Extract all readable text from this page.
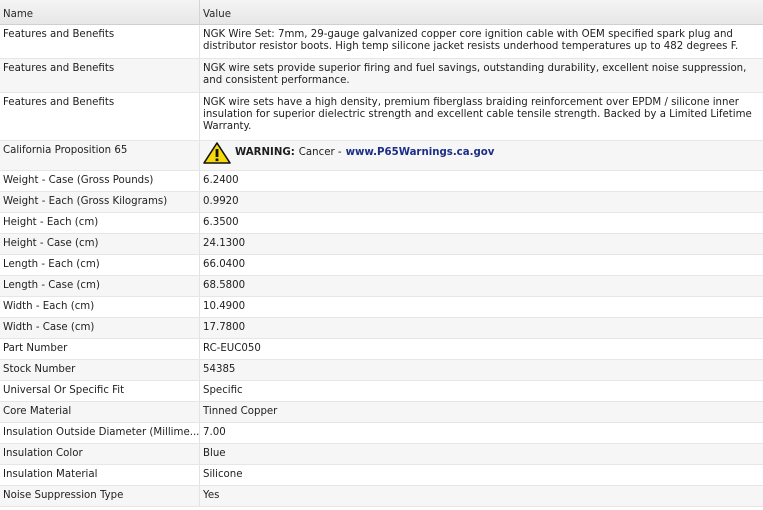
Name	Value
Features and Benefits	NGK Wire Set: 7mm, 29-gauge galvanized copper core ignition cable with OEM specified spark plug and distributor resistor boots. High temp silicone jacket resists underhood temperatures up to 482 degrees F.
Features and Benefits	NGK wire sets provide superior firing and fuel savings, outstanding durability, excellent noise suppression, and consistent performance.
Features and Benefits	NGK wire sets have a high density, premium fiberglass braiding reinforcement over EPDM / silicone inner insulation for superior dielectric strength and excellent cable tensile strength. Backed by a Limited Lifetime Warranty.
California Proposition 65	WARNING: Cancer - www.P65Warnings.ca.gov
Weight - Case (Gross Pounds)	6.2400
Weight - Each (Gross Kilograms)	0.9920
Height - Each (cm)	6.3500
Height - Case (cm)	24.1300
Length - Each (cm)	66.0400
Length - Case (cm)	68.5800
Width - Each (cm)	10.4900
Width - Case (cm)	17.7800
Part Number	RC-EUC050
Stock Number	54385
Universal Or Specific Fit	Specific
Core Material	Tinned Copper
Insulation Outside Diameter (Millime... 7.00
Insulation Color	Blue
Insulation Material	Silicone
Noise Suppression Type	Yes
